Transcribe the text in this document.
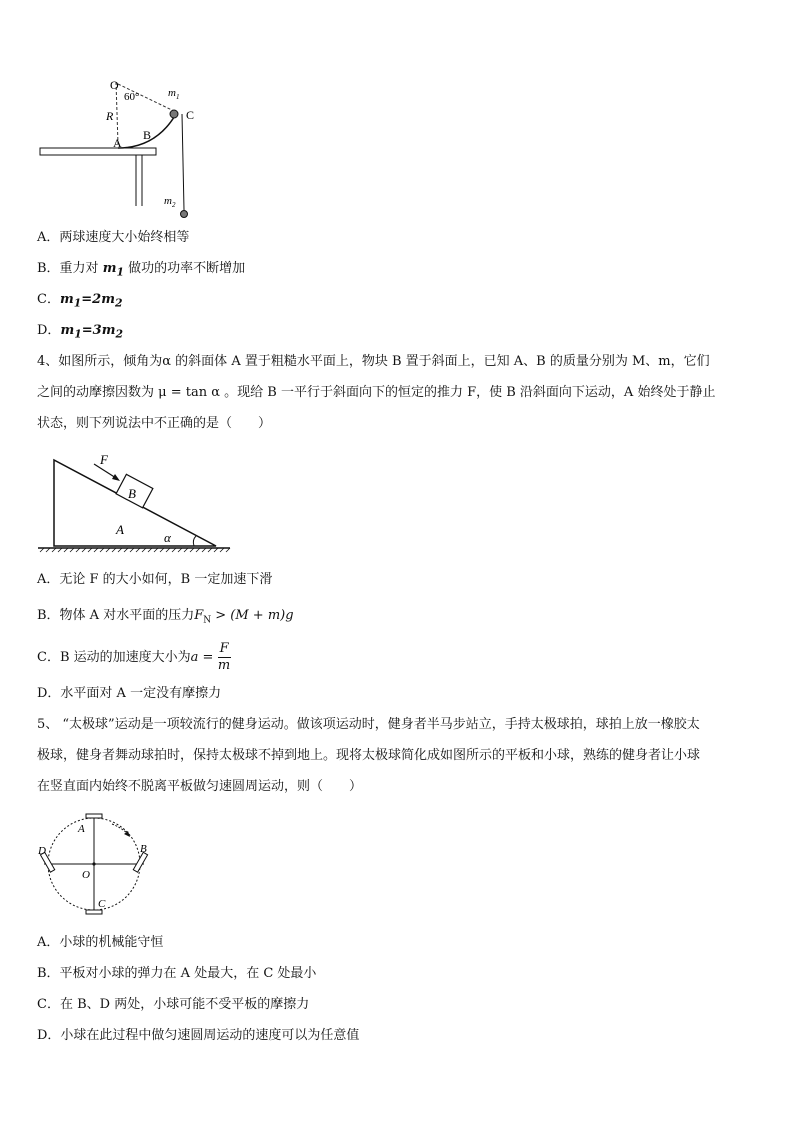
O
60°	$m_1$
C
R
B
A
$m_2$
A．两球速度大小始终相等
B．重力对 $m_1$ 做功的功率不断增加
C．$m_1=2m_2$
D．$m_1=3m_2$
4、如图所示，倾角为α 的斜面体 A 置于粗糙水平面上，物块 B 置于斜面上，已知 A、B 的质量分别为 M、m，它们
之间的动摩擦因数为 μ = tan α 。现给 B 一平行于斜面向下的恒定的推力 F，使 B 沿斜面向下运动，A 始终处于静止
状态，则下列说法中不正确的是（　　）
F
B
A
α
A．无论 F 的大小如何，B 一定加速下滑
B．物体 A 对水平面的压力$F_N > (M + m)g$
C．B 运动的加速度大小为$a = \frac{F}{m}$
D．水平面对 A 一定没有摩擦力
5、 “太极球”运动是一项较流行的健身运动。做该项运动时，健身者半马步站立，手持太极球拍，球拍上放一橡胶太
极球，健身者舞动球拍时，保持太极球不掉到地上。现将太极球简化成如图所示的平板和小球，熟练的健身者让小球
在竖直面内始终不脱离平板做匀速圆周运动，则（　　）
A
B
C
D
O
A．小球的机械能守恒
B．平板对小球的弹力在 A 处最大，在 C 处最小
C．在 B、D 两处，小球可能不受平板的摩擦力
D．小球在此过程中做匀速圆周运动的速度可以为任意值
